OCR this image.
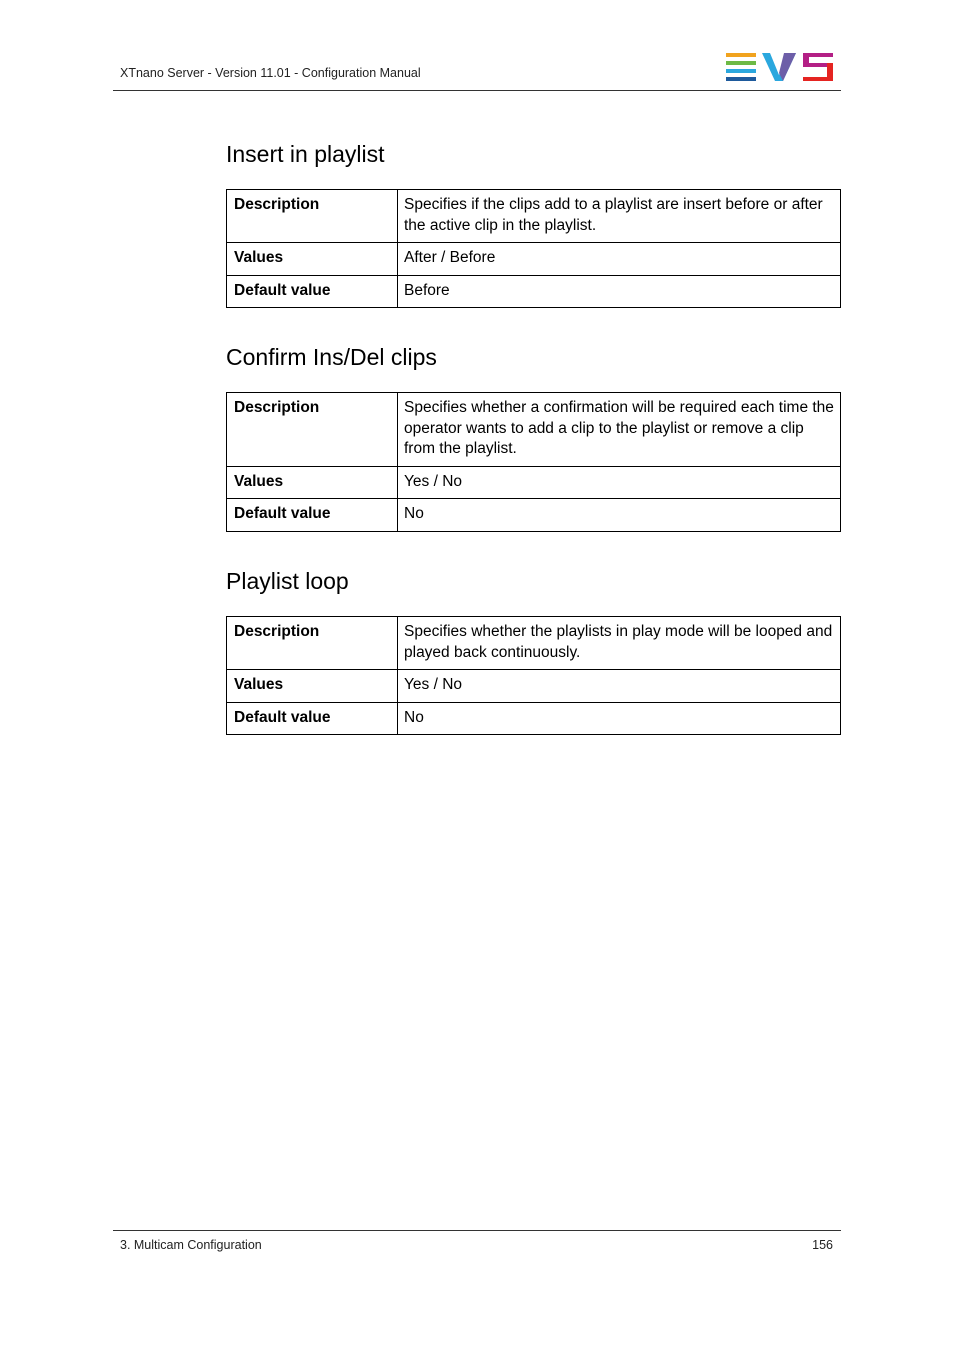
XTnano Server - Version 11.01 - Configuration Manual
Insert in playlist
Description	Specifies if the clips add to a playlist are insert before or after the active clip in the playlist.
Values	After / Before
Default value	Before
Confirm Ins/Del clips
Description	Specifies whether a confirmation will be required each time the operator wants to add a clip to the playlist or remove a clip from the playlist.
Values	Yes / No
Default value	No
Playlist loop
Description	Specifies whether the playlists in play mode will be looped and played back continuously.
Values	Yes / No
Default value	No
3. Multicam Configuration	156
